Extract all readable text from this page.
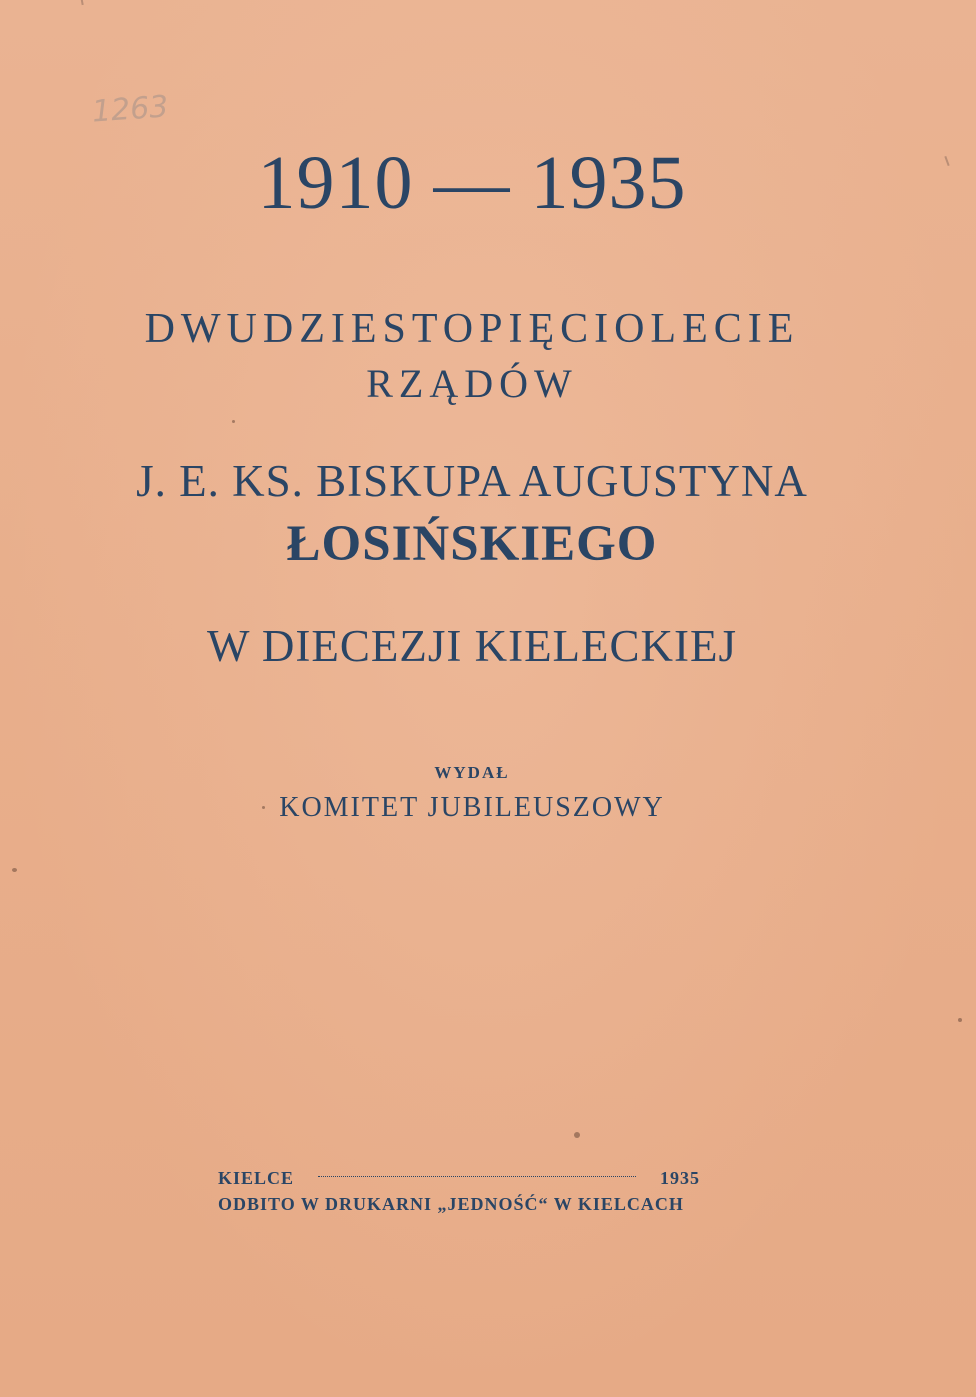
1263
1910 — 1935
DWUDZIESTOPIĘCIOLECIE
RZĄDÓW
J. E. KS. BISKUPA AUGUSTYNA
ŁOSIŃSKIEGO
W DIECEZJI KIELECKIEJ
WYDAŁ
KOMITET JUBILEUSZOWY
KIELCE	1935
ODBITO W DRUKARNI „JEDNOŚĆ“ W KIELCACH
